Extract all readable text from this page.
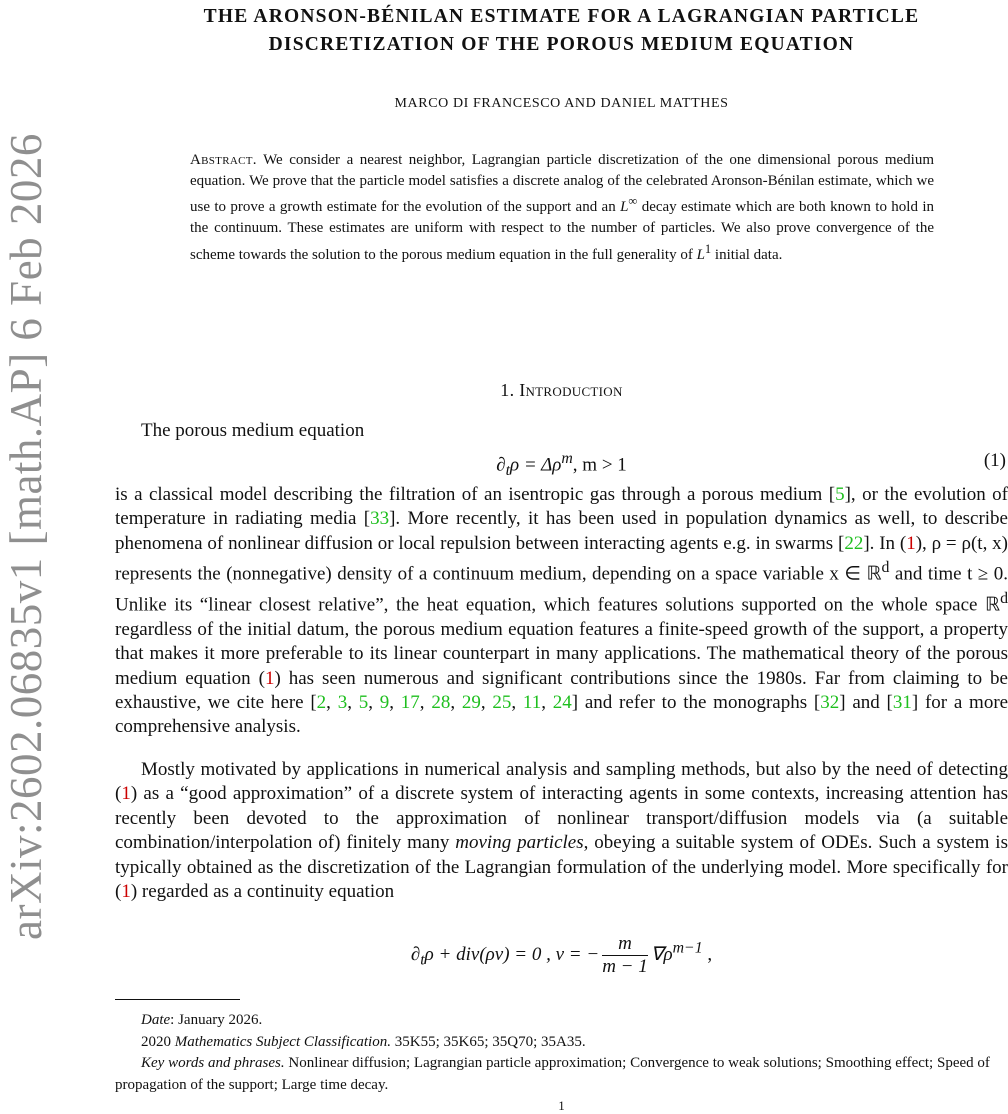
arXiv:2602.06835v1 [math.AP] 6 Feb 2026
THE ARONSON-BÉNILAN ESTIMATE FOR A LAGRANGIAN PARTICLE
DISCRETIZATION OF THE POROUS MEDIUM EQUATION
MARCO DI FRANCESCO AND DANIEL MATTHES
Abstract. We consider a nearest neighbor, Lagrangian particle discretization of the one dimensional porous medium equation. We prove that the particle model satisfies a discrete analog of the celebrated Aronson-Bénilan estimate, which we use to prove a growth estimate for the evolution of the support and an L∞ decay estimate which are both known to hold in the continuum. These estimates are uniform with respect to the number of particles. We also prove convergence of the scheme towards the solution to the porous medium equation in the full generality of $L^1$ initial data.
1. Introduction
The porous medium equation
$\partial_t\rho = \Delta\rho^m$, m > 1	(1)
is a classical model describing the filtration of an isentropic gas through a porous medium [5], or the evolution of temperature in radiating media [33]. More recently, it has been used in population dynamics as well, to describe phenomena of nonlinear diffusion or local repulsion between interacting agents e.g. in swarms [22]. In (1), ρ = ρ(t, x) represents the (nonnegative) density of a continuum medium, depending on a space variable x ∈ ℝ$^d$ and time t ≥ 0. Unlike its “linear closest relative”, the heat equation, which features solutions supported on the whole space ℝ$^d$ regardless of the initial datum, the porous medium equation features a finite-speed growth of the support, a property that makes it more preferable to its linear counterpart in many applications. The mathematical theory of the porous medium equation (1) has seen numerous and significant contributions since the 1980s. Far from claiming to be exhaustive, we cite here [2, 3, 5, 9, 17, 28, 29, 25, 11, 24] and refer to the monographs [32] and [31] for a more comprehensive analysis.
Mostly motivated by applications in numerical analysis and sampling methods, but also by the need of detecting (1) as a “good approximation” of a discrete system of interacting agents in some contexts, increasing attention has recently been devoted to the approximation of nonlinear transport/diffusion models via (a suitable combination/interpolation of) finitely many moving particles, obeying a suitable system of ODEs. Such a system is typically obtained as the discretization of the Lagrangian formulation of the underlying model. More specifically for (1) regarded as a continuity equation
$\partial_t\rho + div(\rho v) = 0$ , v = − $\frac{m}{m - 1} \nabla\rho^{m-1}$ ,

Date: January 2026.

2020 Mathematics Subject Classification. 35K55; 35K65; 35Q70; 35A35.

Key words and phrases. Nonlinear diffusion; Lagrangian particle approximation; Convergence to weak solutions; Smoothing effect; Speed of propagation of the support; Large time decay.

1
